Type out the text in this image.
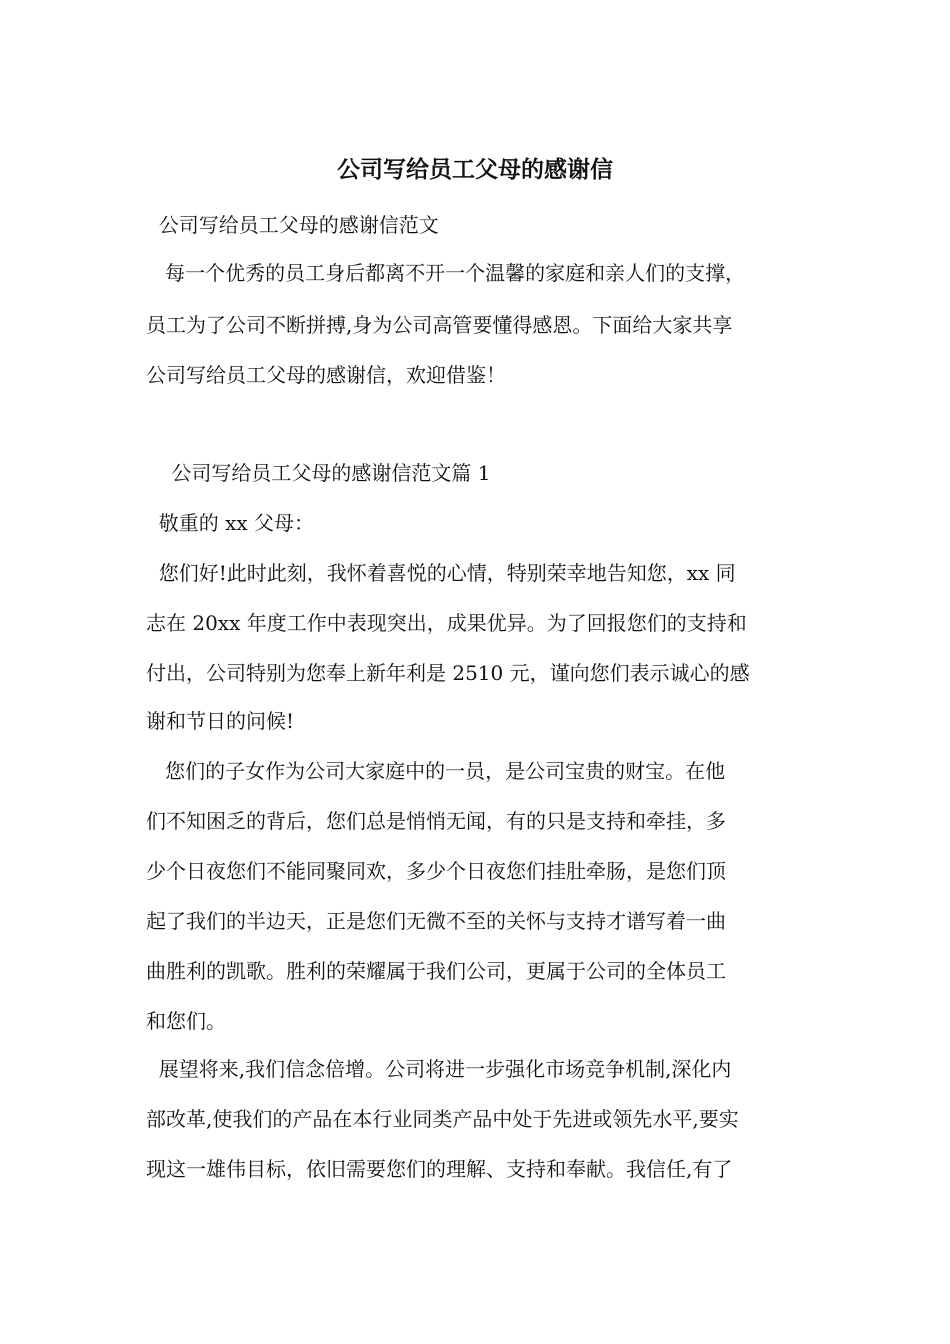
公司写给员工父母的感谢信
公司写给员工父母的感谢信范文
每一个优秀的员工身后都离不开一个温馨的家庭和亲人们的支撑，
员工为了公司不断拼搏,身为公司高管要懂得感恩。下面给大家共享
公司写给员工父母的感谢信，欢迎借鉴！
公司写给员工父母的感谢信范文篇 1
敬重的 xx 父母：
您们好!此时此刻，我怀着喜悦的心情，特别荣幸地告知您，xx 同
志在 20xx 年度工作中表现突出，成果优异。为了回报您们的支持和
付出，公司特别为您奉上新年利是 2510 元，谨向您们表示诚心的感
谢和节日的问候!
您们的子女作为公司大家庭中的一员，是公司宝贵的财宝。在他
们不知困乏的背后，您们总是悄悄无闻，有的只是支持和牵挂，多
少个日夜您们不能同聚同欢，多少个日夜您们挂肚牵肠，是您们顶
起了我们的半边天，正是您们无微不至的关怀与支持才谱写着一曲
曲胜利的凯歌。胜利的荣耀属于我们公司，更属于公司的全体员工
和您们。
展望将来,我们信念倍增。公司将进一步强化市场竞争机制,深化内
部改革,使我们的产品在本行业同类产品中处于先进或领先水平,要实
现这一雄伟目标，依旧需要您们的理解、支持和奉献。我信任,有了
